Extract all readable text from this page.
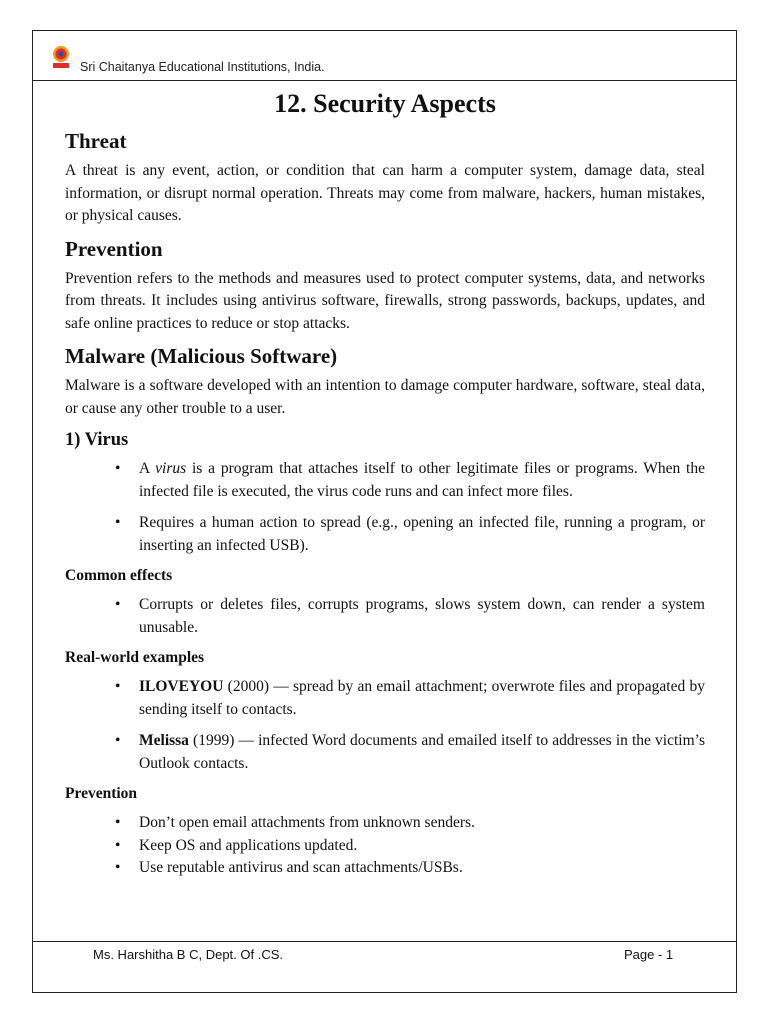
Sri Chaitanya Educational Institutions, India.
12. Security Aspects
Threat

A threat is any event, action, or condition that can harm a computer system, damage data, steal information, or disrupt normal operation. Threats may come from malware, hackers, human mistakes, or physical causes.

Prevention

Prevention refers to the methods and measures used to protect computer systems, data, and networks from threats. It includes using antivirus software, firewalls, strong passwords, backups, updates, and safe online practices to reduce or stop attacks.

Malware (Malicious Software)

Malware is a software developed with an intention to damage computer hardware, software, steal data, or cause any other trouble to a user.

1) Virus
• A virus is a program that attaches itself to other legitimate files or programs. When the infected file is executed, the virus code runs and can infect more files.
• Requires a human action to spread (e.g., opening an infected file, running a program, or inserting an infected USB).
Common effects
• Corrupts or deletes files, corrupts programs, slows system down, can render a system unusable.
Real-world examples
• ILOVEYOU (2000) — spread by an email attachment; overwrote files and propagated by sending itself to contacts.
• Melissa (1999) — infected Word documents and emailed itself to addresses in the victim’s Outlook contacts.
Prevention
• Don’t open email attachments from unknown senders.
• Keep OS and applications updated.
• Use reputable antivirus and scan attachments/USBs.
Ms. Harshitha B C, Dept. Of .CS.	Page - 1
